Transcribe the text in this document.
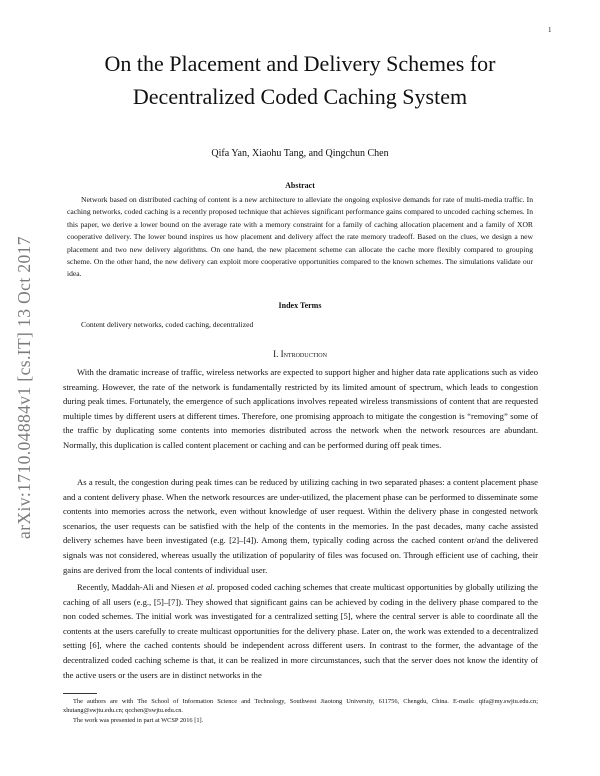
1
arXiv:1710.04884v1 [cs.IT] 13 Oct 2017
On the Placement and Delivery Schemes for
Decentralized Coded Caching System
Qifa Yan, Xiaohu Tang, and Qingchun Chen
Abstract

Network based on distributed caching of content is a new architecture to alleviate the ongoing explosive demands for rate of multi-media traffic. In caching networks, coded caching is a recently proposed technique that achieves significant performance gains compared to uncoded caching schemes. In this paper, we derive a lower bound on the average rate with a memory constraint for a family of caching allocation placement and a family of XOR cooperative delivery. The lower bound inspires us how placement and delivery affect the rate memory tradeoff. Based on the clues, we design a new placement and two new delivery algorithms. On one hand, the new placement scheme can allocate the cache more flexibly compared to grouping scheme. On the other hand, the new delivery can exploit more cooperative opportunities compared to the known schemes. The simulations validate our idea.

Index Terms
Content delivery networks, coded caching, decentralized
I. Introduction

With the dramatic increase of traffic, wireless networks are expected to support higher and higher data rate applications such as video streaming. However, the rate of the network is fundamentally restricted by its limited amount of spectrum, which leads to congestion during peak times. Fortunately, the emergence of such applications involves repeated wireless transmissions of content that are requested multiple times by different users at different times. Therefore, one promising approach to mitigate the congestion is “removing” some of the traffic by duplicating some contents into memories distributed across the network when the network resources are abundant. Normally, this duplication is called content placement or caching and can be performed during off peak times.

As a result, the congestion during peak times can be reduced by utilizing caching in two separated phases: a content placement phase and a content delivery phase. When the network resources are under-utilized, the placement phase can be performed to disseminate some contents into memories across the network, even without knowledge of user request. Within the delivery phase in congested network scenarios, the user requests can be satisfied with the help of the contents in the memories. In the past decades, many cache assisted delivery schemes have been investigated (e.g. [2]–[4]). Among them, typically coding across the cached content or/and the delivered signals was not considered, whereas usually the utilization of popularity of files was focused on. Through efficient use of caching, their gains are derived from the local contents of individual user.

Recently, Maddah-Ali and Niesen et al. proposed coded caching schemes that create multicast opportunities by globally utilizing the caching of all users (e.g., [5]–[7]). They showed that significant gains can be achieved by coding in the delivery phase compared to the non coded schemes. The initial work was investigated for a centralized setting [5], where the central server is able to coordinate all the contents at the users carefully to create multicast opportunities for the delivery phase. Later on, the work was extended to a decentralized setting [6], where the cached contents should be independent across different users. In contrast to the former, the advantage of the decentralized coded caching scheme is that, it can be realized in more circumstances, such that the server does not know the identity of the active users or the users are in distinct networks in the

The authors are with The School of Information Science and Technology, Southwest Jiaotong University, 611756, Chengdu, China. E-mails: qifa@my.swjtu.edu.cn; xhutang@swjtu.edu.cn; qcchen@swjtu.edu.cn.

The work was presented in part at WCSP 2016 [1].
